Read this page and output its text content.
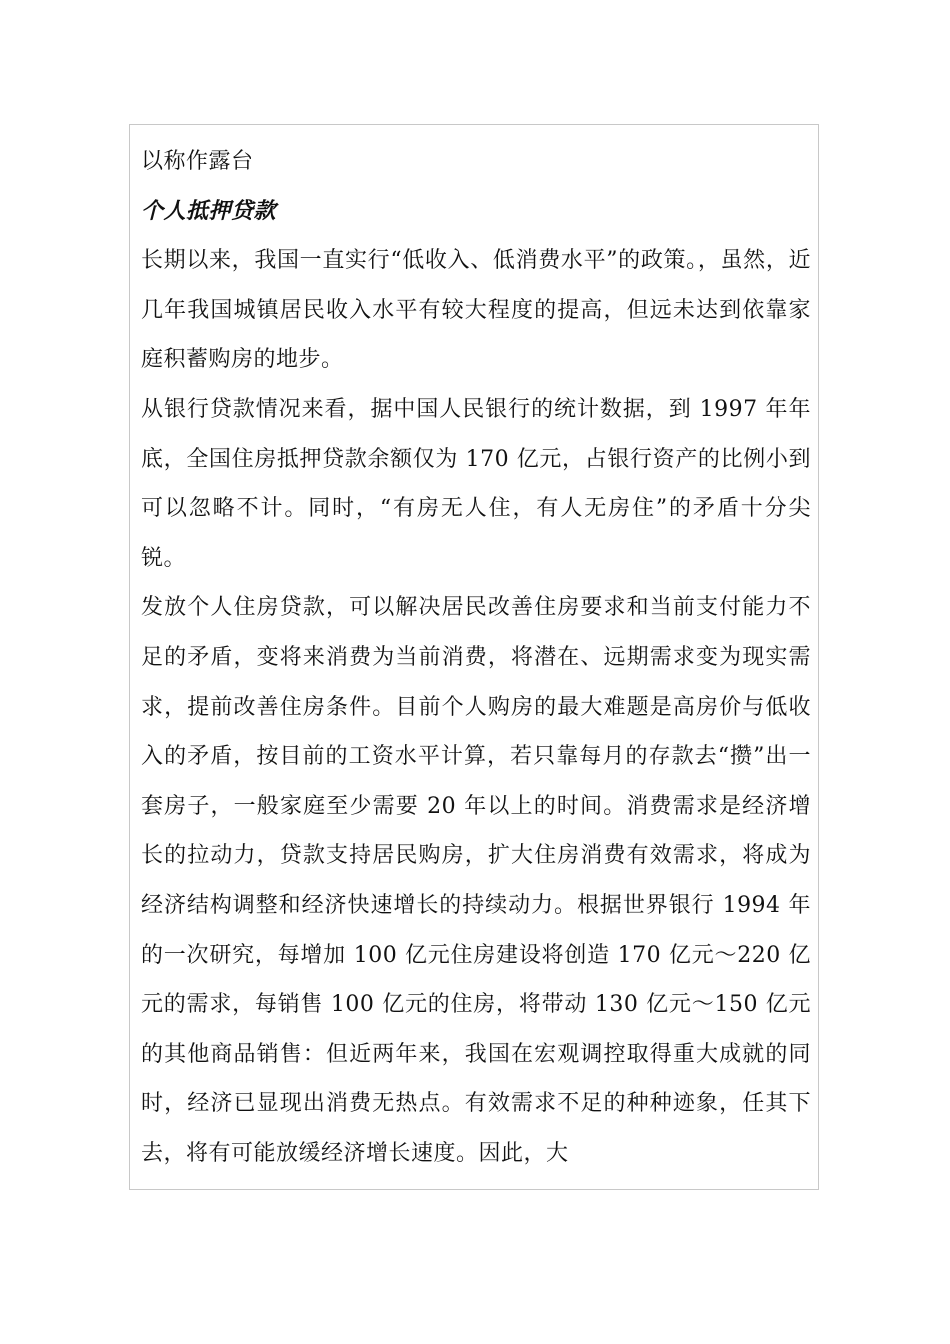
以称作露台

个人抵押贷款

长期以来，我国一直实行“低收入、低消费水平”的政策。，虽然，近几年我国城镇居民收入水平有较大程度的提高，但远未达到依靠家庭积蓄购房的地步。

从银行贷款情况来看，据中国人民银行的统计数据，到 1997 年年底，全国住房抵押贷款余额仅为 170 亿元，占银行资产的比例小到可以忽略不计。同时，“有房无人住，有人无房住”的矛盾十分尖锐。

发放个人住房贷款，可以解决居民改善住房要求和当前支付能力不足的矛盾，变将来消费为当前消费，将潜在、远期需求变为现实需求，提前改善住房条件。目前个人购房的最大难题是高房价与低收入的矛盾，按目前的工资水平计算，若只靠每月的存款去“攒”出一套房子，一般家庭至少需要 20 年以上的时间。消费需求是经济增长的拉动力，贷款支持居民购房，扩大住房消费有效需求，将成为经济结构调整和经济快速增长的持续动力。根据世界银行 1994 年的一次研究，每增加 100 亿元住房建设将创造 170 亿元～220 亿元的需求，每销售 100 亿元的住房，将带动 130 亿元～150 亿元的其他商品销售：但近两年来，我国在宏观调控取得重大成就的同时，经济已显现出消费无热点。有效需求不足的种种迹象，任其下去，将有可能放缓经济增长速度。因此，大
